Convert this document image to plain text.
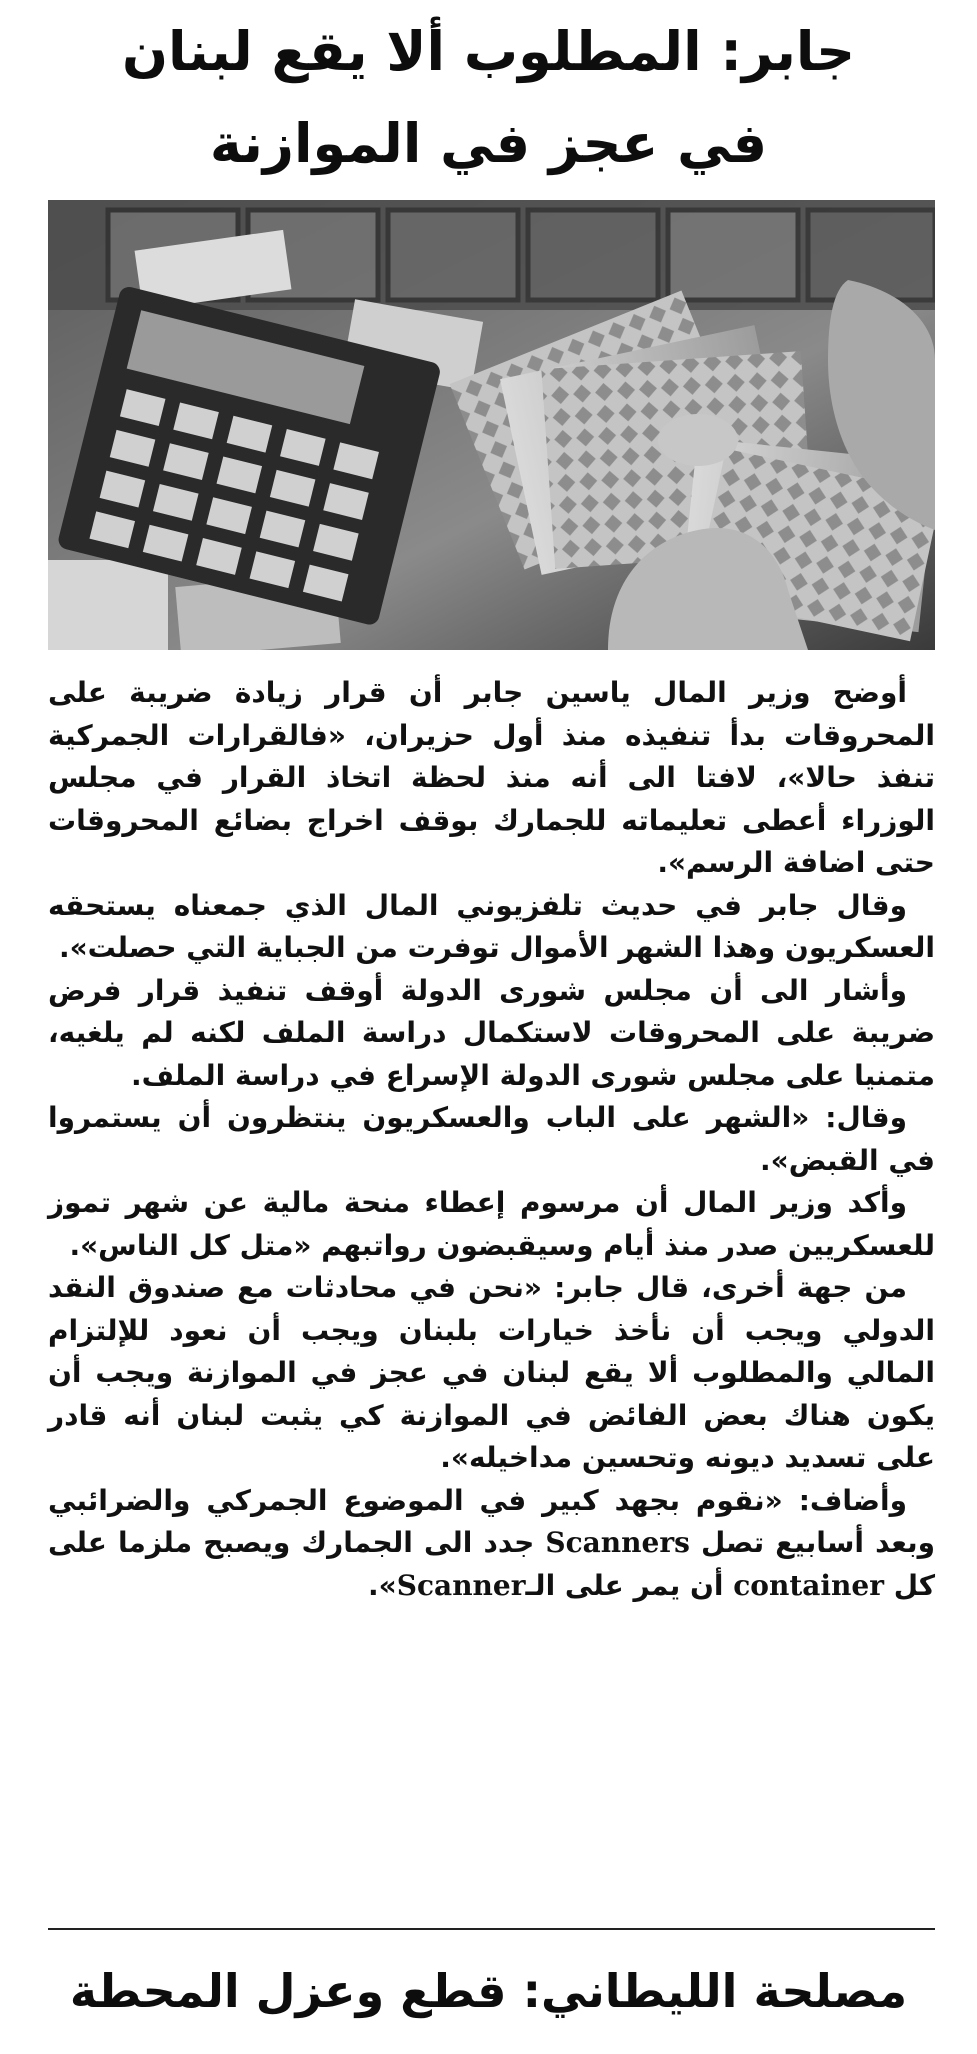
جابر: المطلوب ألا يقع لبنان
في عجز في الموازنة

أوضح وزير المال ياسين جابر أن قرار زيادة ضريبة على المحروقات بدأ تنفيذه منذ أول حزيران، «فالقرارات الجمركية تنفذ حالا»، لافتا الى أنه منذ لحظة اتخاذ القرار في مجلس الوزراء أعطى تعليماته للجمارك بوقف اخراج بضائع المحروقات حتى اضافة الرسم».

وقال جابر في حديث تلفزيوني المال الذي جمعناه يستحقه العسكريون وهذا الشهر الأموال توفرت من الجباية التي حصلت».

وأشار الى أن مجلس شورى الدولة أوقف تنفيذ قرار فرض ضريبة على المحروقات لاستكمال دراسة الملف لكنه لم يلغيه، متمنيا على مجلس شورى الدولة الإسراع في دراسة الملف.

وقال: «الشهر على الباب والعسكريون ينتظرون أن يستمروا في القبض».

وأكد وزير المال أن مرسوم إعطاء منحة مالية عن شهر تموز للعسكريين صدر منذ أيام وسيقبضون رواتبهم «متل كل الناس».

من جهة أخرى، قال جابر: «نحن في محادثات مع صندوق النقد الدولي ويجب أن نأخذ خيارات بلبنان ويجب أن نعود للإلتزام المالي والمطلوب ألا يقع لبنان في عجز في الموازنة ويجب أن يكون هناك بعض الفائض في الموازنة كي يثبت لبنان أنه قادر على تسديد ديونه وتحسين مداخيله».

وأضاف: «نقوم بجهد كبير في الموضوع الجمركي والضرائبي وبعد أسابيع تصل Scanners جدد الى الجمارك ويصبح ملزما على كل container أن يمر على الـScanner».

مصلحة الليطاني: قطع وعزل المحطة
